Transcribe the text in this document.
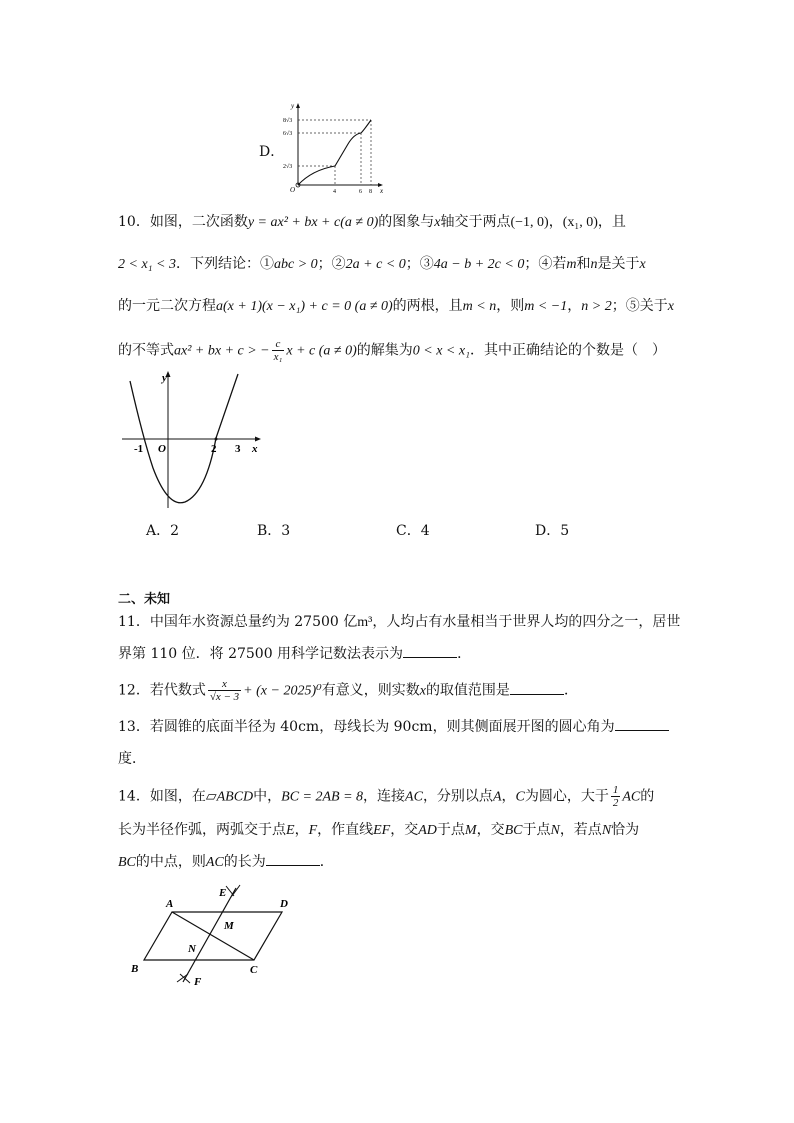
D．
y
x
O
8√3
6√3
2√3
4	6 8
10．如图，二次函数y = ax² + bx + c(a ≠ 0)的图象与x轴交于两点(−1, 0)，(x₁, 0)，且
2 < x₁ < 3．下列结论：①abc > 0；②2a + c < 0；③4a − b + 2c < 0；④若m和n是关于x
的一元二次方程a(x + 1)(x − x₁) + c = 0 (a ≠ 0)的两根，且m < n，则m < −1，n > 2；⑤关于x
的不等式ax² + bx + c > − $\frac{c}{\text{x₁}}$ x + c (a ≠ 0)的解集为0 < x < x₁．其中正确结论的个数是（　）
y
x
O
-1	2 3
A．2	B．3	C．4	D．5
二、未知
11．中国年水资源总量约为 27500 亿m³，人均占有水量相当于世界人均的四分之一，居世
界第 110 位．将 27500 用科学记数法表示为	．
12．若代数式 $\frac{x}{√x - 3} + (x - 2025)^0$有意义，则实数x的取值范围是	．
13．若圆锥的底面半径为 40cm，母线长为 90cm，则其侧面展开图的圆心角为
度．
14．如图，在▱ABCD中，BC = 2AB = 8，连接AC，分别以点A，C为圆心，大于 $\frac{1}{2}$ AC的
长为半径作弧，两弧交于点E，F，作直线EF，交AD于点M，交BC于点N，若点N恰为
BC的中点，则AC的长为	．
A	D
B	C
E
F
M
N
